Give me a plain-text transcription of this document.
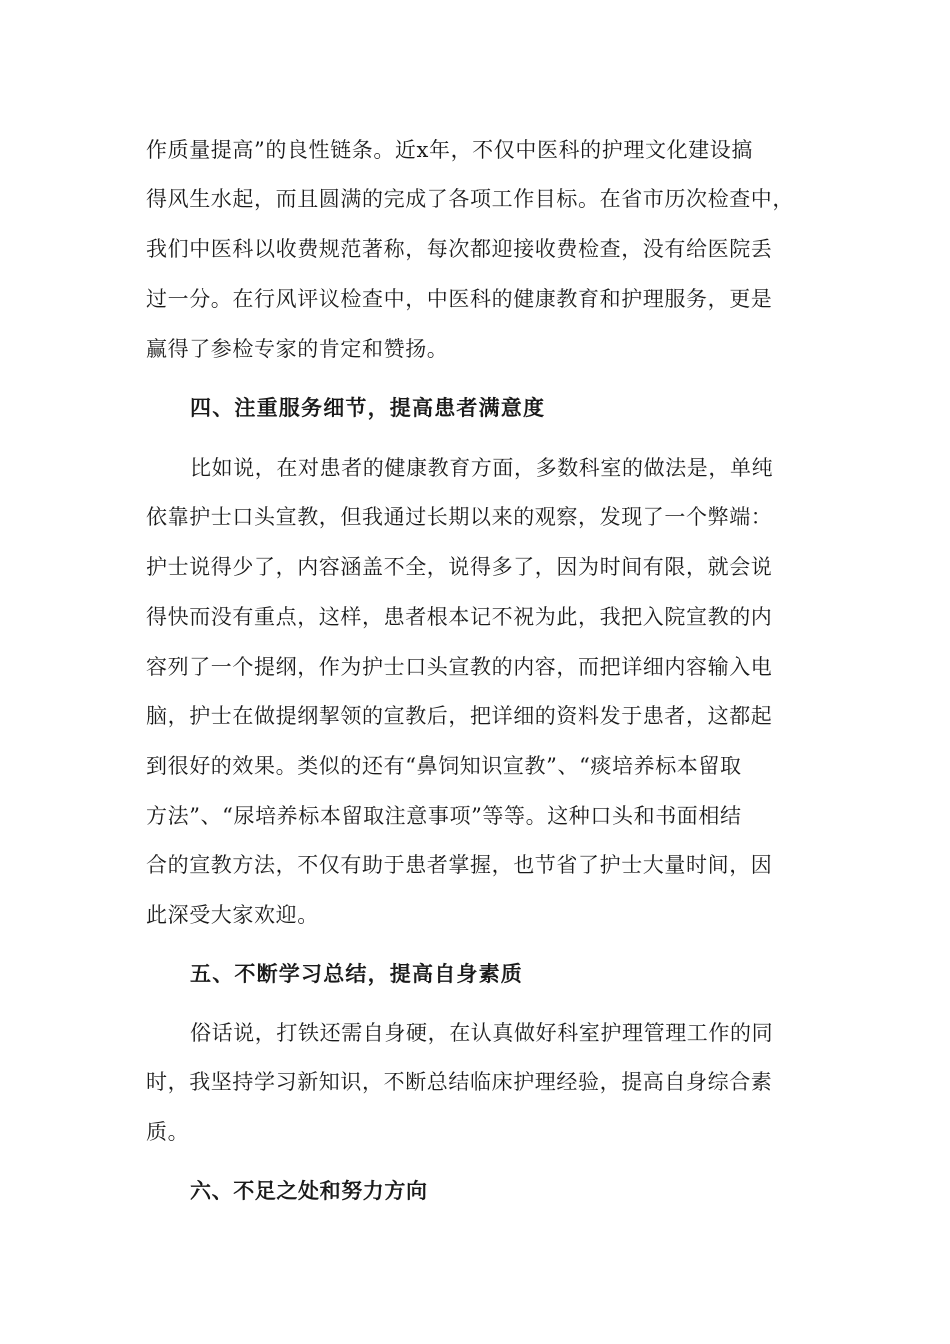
作质量提高”的良性链条。近x年，不仅中医科的护理文化建设搞
得风生水起，而且圆满的完成了各项工作目标。在省市历次检查中，
我们中医科以收费规范著称，每次都迎接收费检查，没有给医院丢
过一分。在行风评议检查中，中医科的健康教育和护理服务，更是
赢得了参检专家的肯定和赞扬。
四、注重服务细节，提高患者满意度
比如说，在对患者的健康教育方面，多数科室的做法是，单纯
依靠护士口头宣教，但我通过长期以来的观察，发现了一个弊端：
护士说得少了，内容涵盖不全，说得多了，因为时间有限，就会说
得快而没有重点，这样，患者根本记不祝为此，我把入院宣教的内
容列了一个提纲，作为护士口头宣教的内容，而把详细内容输入电
脑，护士在做提纲挈领的宣教后，把详细的资料发于患者，这都起
到很好的效果。类似的还有“鼻饲知识宣教”、“痰培养标本留取
方法”、“尿培养标本留取注意事项”等等。这种口头和书面相结
合的宣教方法，不仅有助于患者掌握，也节省了护士大量时间，因
此深受大家欢迎。
五、不断学习总结，提高自身素质
俗话说，打铁还需自身硬，在认真做好科室护理管理工作的同
时，我坚持学习新知识，不断总结临床护理经验，提高自身综合素
质。
六、不足之处和努力方向
